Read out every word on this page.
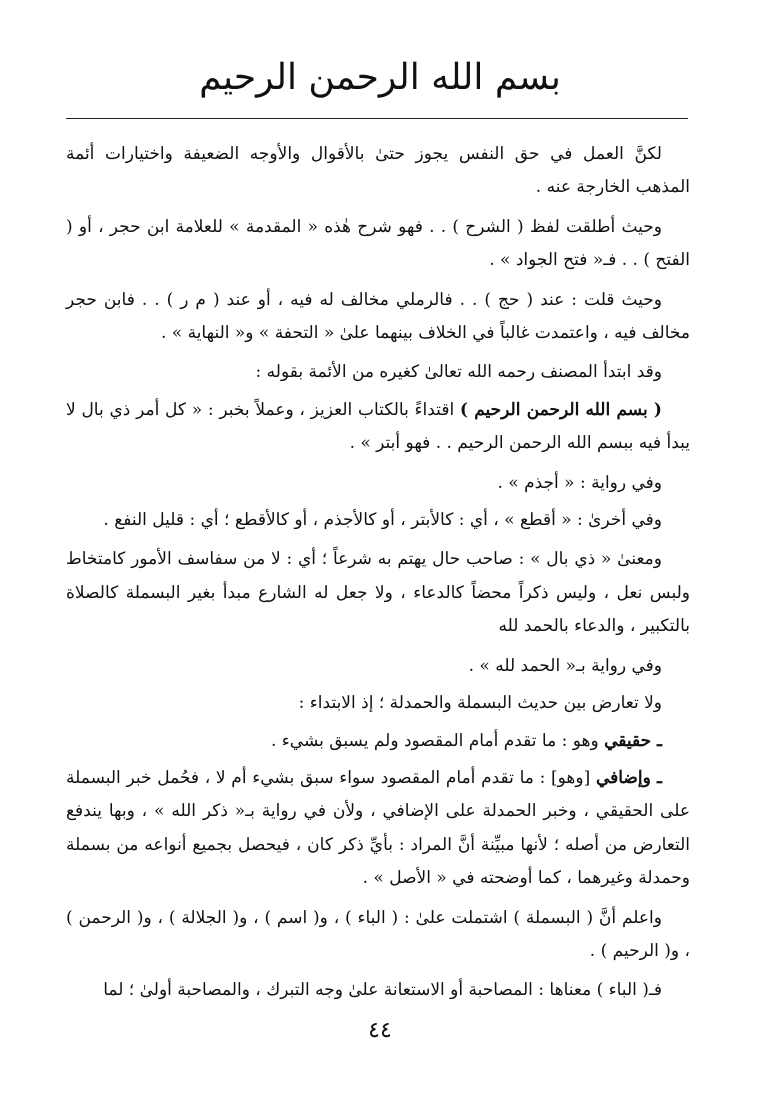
بسم الله الرحمن الرحيم

لكنَّ العمل في حق النفس يجوز حتىٰ بالأقوال والأوجه الضعيفة واختيارات أئمة المذهب الخارجة عنه .

وحيث أطلقت لفظ ( الشرح ) . . فهو شرح هٰذه « المقدمة » للعلامة ابن حجر ، أو ( الفتح ) . . فـ« فتح الجواد » .

وحيث قلت : عند ( حج ) . . فالرملي مخالف له فيه ، أو عند ( م ر ) . . فابن حجر مخالف فيه ، واعتمدت غالباً في الخلاف بينهما علىٰ « التحفة » و« النهاية » .

وقد ابتدأ المصنف رحمه الله تعالىٰ كغيره من الأئمة بقوله :

( بسم الله الرحمن الرحيم ) اقتداءً بالكتاب العزيز ، وعملاً بخبر : « كل أمر ذي بال لا يبدأ فيه ببسم الله الرحمن الرحيم . . فهو أبتر » .

وفي رواية : « أجذم » .

وفي أخرىٰ : « أقطع » ، أي : كالأبتر ، أو كالأجذم ، أو كالأقطع ؛ أي : قليل النفع .

ومعنىٰ « ذي بال » : صاحب حال يهتم به شرعاً ؛ أي : لا من سفاسف الأمور كامتخاط ولبس نعل ، وليس ذكراً محضاً كالدعاء ، ولا جعل له الشارع مبدأ بغير البسملة كالصلاة بالتكبير ، والدعاء بالحمد لله

وفي رواية بـ« الحمد لله » .

ولا تعارض بين حديث البسملة والحمدلة ؛ إذ الابتداء :

ـ حقيقي وهو : ما تقدم أمام المقصود ولم يسبق بشيء .

ـ وإضافي [وهو] : ما تقدم أمام المقصود سواء سبق بشيء أم لا ، فحُمل خبر البسملة على الحقيقي ، وخبر الحمدلة على الإضافي ، ولأن في رواية بـ« ذكر الله » ، وبها يندفع التعارض من أصله ؛ لأنها مبيِّنة أنَّ المراد : بأيِّ ذكر كان ، فيحصل بجميع أنواعه من بسملة وحمدلة وغيرهما ، كما أوضحته في « الأصل » .

واعلم أنَّ ( البسملة ) اشتملت علىٰ : ( الباء ) ، و( اسم ) ، و( الجلالة ) ، و( الرحمن ) ، و( الرحيم ) .

فـ( الباء ) معناها : المصاحبة أو الاستعانة علىٰ وجه التبرك ، والمصاحبة أولىٰ ؛ لما

٤٤
